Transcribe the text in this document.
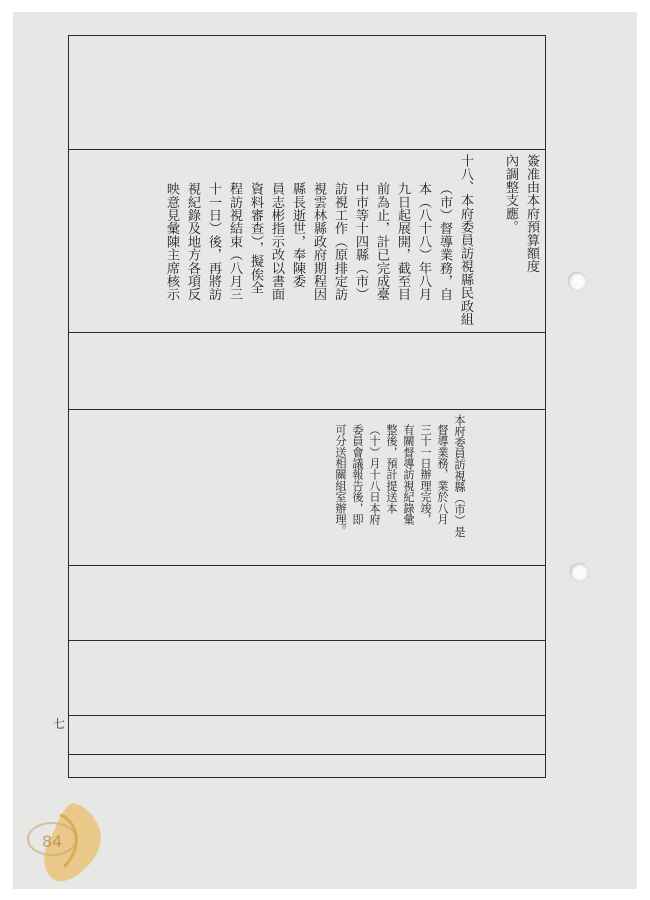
簽准由本府預算額度
內調整支應。
十八、本府委員訪視縣民政組
（市）督導業務，自
本（八十八）年八月
九日起展開，截至目
前為止，計已完成臺
中市等十四縣（市）
訪視工作（原排定訪
視雲林縣政府期程因
縣長逝世，奉陳委
員志彬指示改以書面
資料審查），擬俟全
程訪視結束（八月三
十一日）後，再將訪
視紀錄及地方各項反
映意見彙陳主席核示
本府委員訪視縣（市）是
督導業務，業於八月
三十一日辦理完竣，
有關督導訪視紀錄彙
整後，預計提送本
（十）月十八日本府
委員會議報告後，即
可分送相關組室辦理。
七
84
